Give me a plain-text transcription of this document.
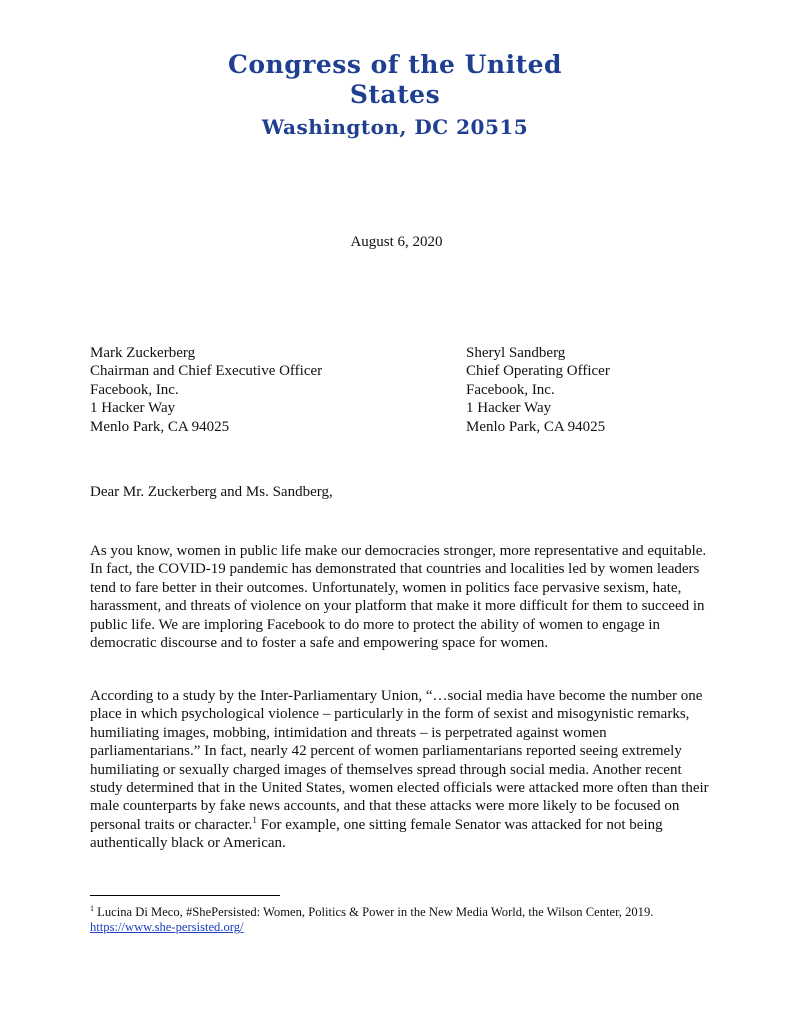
Congress of the United States
Washington, DC 20515
August 6, 2020
Mark Zuckerberg
Chairman and Chief Executive Officer
Facebook, Inc.
1 Hacker Way
Menlo Park, CA 94025
Sheryl Sandberg
Chief Operating Officer
Facebook, Inc.
1 Hacker Way
Menlo Park, CA 94025
Dear Mr. Zuckerberg and Ms. Sandberg,
As you know, women in public life make our democracies stronger, more representative and equitable. In fact, the COVID-19 pandemic has demonstrated that countries and localities led by women leaders tend to fare better in their outcomes. Unfortunately, women in politics face pervasive sexism, hate, harassment, and threats of violence on your platform that make it more difficult for them to succeed in public life. We are imploring Facebook to do more to protect the ability of women to engage in democratic discourse and to foster a safe and empowering space for women.
According to a study by the Inter-Parliamentary Union, “…social media have become the number one place in which psychological violence – particularly in the form of sexist and misogynistic remarks, humiliating images, mobbing, intimidation and threats – is perpetrated against women parliamentarians.” In fact, nearly 42 percent of women parliamentarians reported seeing extremely humiliating or sexually charged images of themselves spread through social media. Another recent study determined that in the United States, women elected officials were attacked more often than their male counterparts by fake news accounts, and that these attacks were more likely to be focused on personal traits or character.$^1$ For example, one sitting female Senator was attacked for not being authentically black or American.
$^1$ Lucina Di Meco, #ShePersisted: Women, Politics & Power in the New Media World, the Wilson Center, 2019.
https://www.she-persisted.org/
